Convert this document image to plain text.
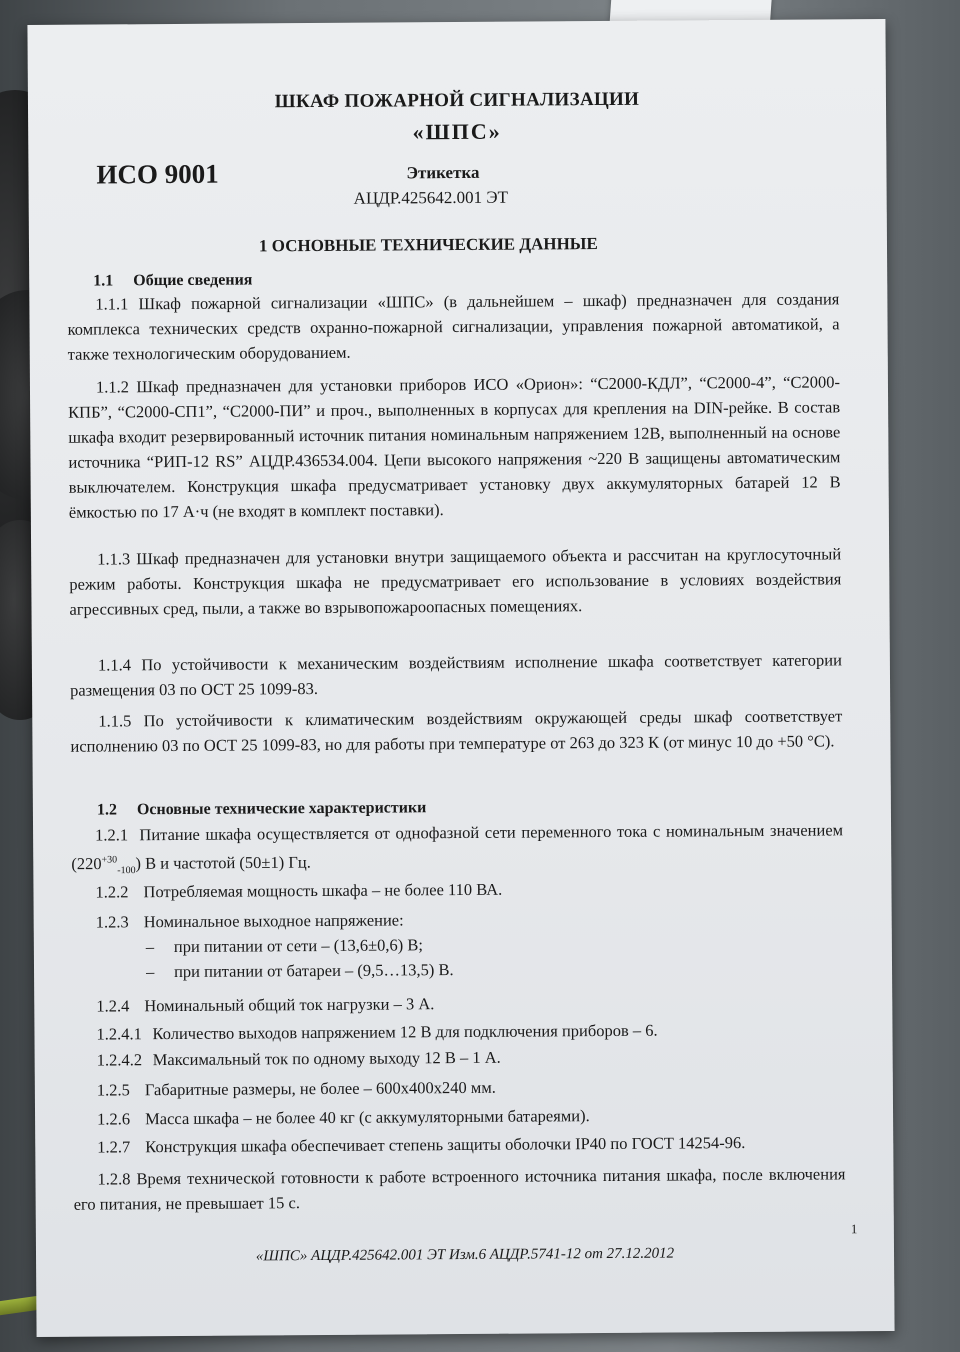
ШКАФ ПОЖАРНОЙ СИГНАЛИЗАЦИИ
«ШПС»
ИСО 9001	Этикетка
АЦДР.425642.001 ЭТ
1 ОСНОВНЫЕ ТЕХНИЧЕСКИЕ ДАННЫЕ
1.1 Общие сведения
1.1.1 Шкаф пожарной сигнализации «ШПС» (в дальнейшем – шкаф) предназначен для создания комплекса технических средств охранно-пожарной сигнализации, управления пожарной автоматикой, а также технологическим оборудованием.
1.1.2 Шкаф предназначен для установки приборов ИСО «Орион»: “С2000-КДЛ”, “С2000-4”, “С2000-КПБ”, “С2000-СП1”, “С2000-ПИ” и проч., выполненных в корпусах для крепления на DIN-рейке. В состав шкафа входит резервированный источник питания номинальным напряжением 12В, выполненный на основе источника “РИП-12 RS” АЦДР.436534.004. Цепи высокого напряжения ~220 В защищены автоматическим выключателем. Конструкция шкафа предусматривает установку двух аккумуляторных батарей 12 В ёмкостью по 17 А·ч (не входят в комплект поставки).
1.1.3 Шкаф предназначен для установки внутри защищаемого объекта и рассчитан на круглосуточный режим работы. Конструкция шкафа не предусматривает его использование в условиях воздействия агрессивных сред, пыли, а также во взрывопожароопасных помещениях.
1.1.4 По устойчивости к механическим воздействиям исполнение шкафа соответствует категории размещения 03 по ОСТ 25 1099-83.
1.1.5 По устойчивости к климатическим воздействиям окружающей среды шкаф соответствует исполнению 03 по ОСТ 25 1099-83, но для работы при температуре от 263 до 323 К (от минус 10 до +50 °С).
1.2 Основные технические характеристики
1.2.1 Питание шкафа осуществляется от однофазной сети переменного тока с номинальным значением $(220^{+30}_{-100})$ В и частотой (50±1) Гц.
1.2.2 Потребляемая мощность шкафа – не более 110 ВА.
1.2.3 Номинальное выходное напряжение:
– при питании от сети – (13,6±0,6) В;
– при питании от батареи – (9,5…13,5) В.
1.2.4 Номинальный общий ток нагрузки – 3 А.
1.2.4.1 Количество выходов напряжением 12 В для подключения приборов – 6.
1.2.4.2 Максимальный ток по одному выходу 12 В – 1 А.
1.2.5 Габаритные размеры, не более – 600х400х240 мм.
1.2.6 Масса шкафа – не более 40 кг (с аккумуляторными батареями).
1.2.7 Конструкция шкафа обеспечивает степень защиты оболочки IP40 по ГОСТ 14254-96.
1.2.8 Время технической готовности к работе встроенного источника питания шкафа, после включения его питания, не превышает 15 с.
1
«ШПС» АЦДР.425642.001 ЭТ Изм.6 АЦДР.5741-12 от 27.12.2012
